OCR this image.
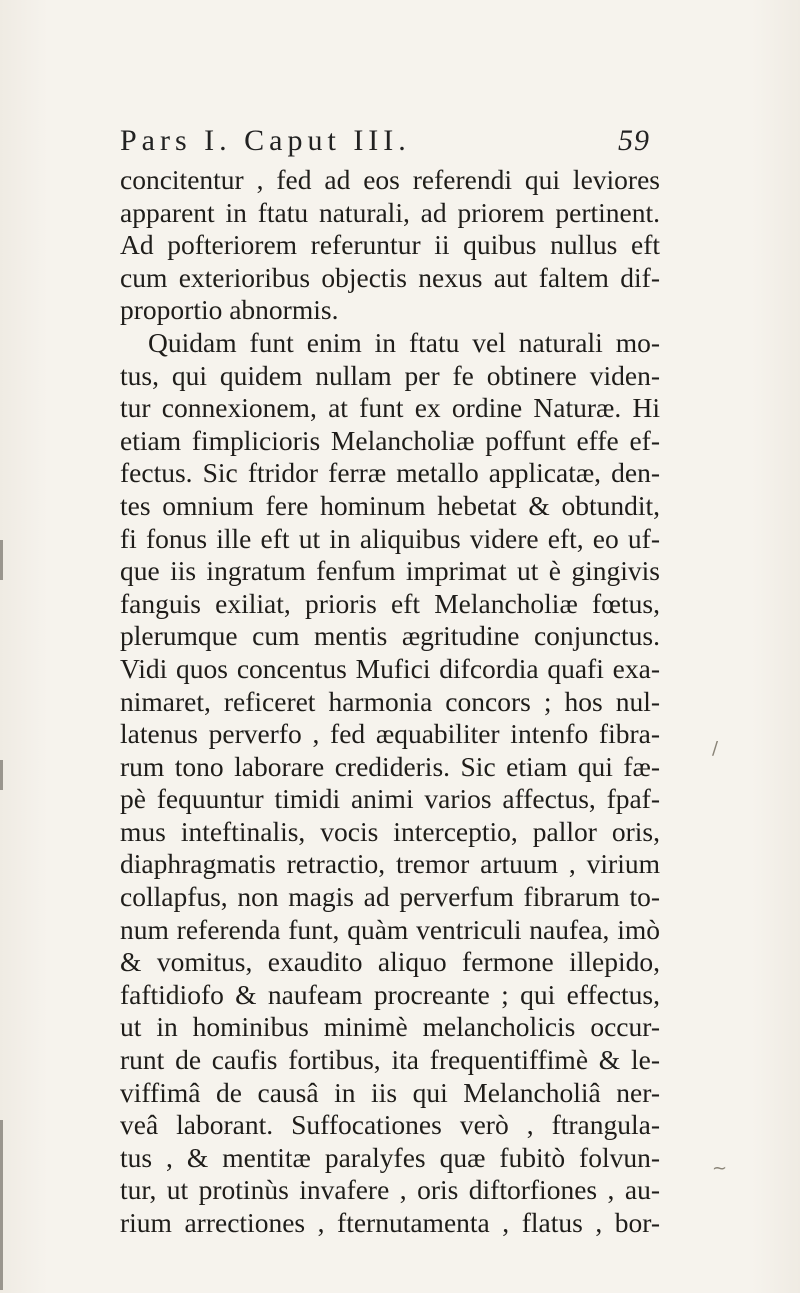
Pars I. Caput III.	59
concitentur , fed ad eos referendi qui leviores
apparent in ftatu naturali, ad priorem pertinent.
Ad pofteriorem referuntur ii quibus nullus eft
cum exterioribus objectis nexus aut faltem dif-
proportio abnormis.
Quidam funt enim in ftatu vel naturali mo-
tus, qui quidem nullam per fe obtinere viden-
tur connexionem, at funt ex ordine Naturæ. Hi
etiam fimplicioris Melancholiæ poffunt effe ef-
fectus. Sic ftridor ferræ metallo applicatæ, den-
tes omnium fere hominum hebetat & obtundit,
fi fonus ille eft ut in aliquibus videre eft, eo uf-
que iis ingratum fenfum imprimat ut è gingivis
fanguis exiliat, prioris eft Melancholiæ fœtus,
plerumque cum mentis ægritudine conjunctus.
Vidi quos concentus Mufici difcordia quafi exa-
nimaret, reficeret harmonia concors ; hos nul-
latenus perverfo , fed æquabiliter intenfo fibra-
rum tono laborare credideris. Sic etiam qui fæ-
pè fequuntur timidi animi varios affectus, fpaf-
mus inteftinalis, vocis interceptio, pallor oris,
diaphragmatis retractio, tremor artuum , virium
collapfus, non magis ad perverfum fibrarum to-
num referenda funt, quàm ventriculi naufea, imò
& vomitus, exaudito aliquo fermone illepido,
faftidiofo & naufeam procreante ; qui effectus,
ut in hominibus minimè melancholicis occur-
runt de caufis fortibus, ita frequentiffimè & le-
viffimâ de causâ in iis qui Melancholiâ ner-
veâ laborant. Suffocationes verò , ftrangula-
tus , & mentitæ paralyfes quæ fubitò folvun-
tur, ut protinùs invafere , oris diftorfiones , au-
rium arrectiones , fternutamenta , flatus , bor-
/
~
